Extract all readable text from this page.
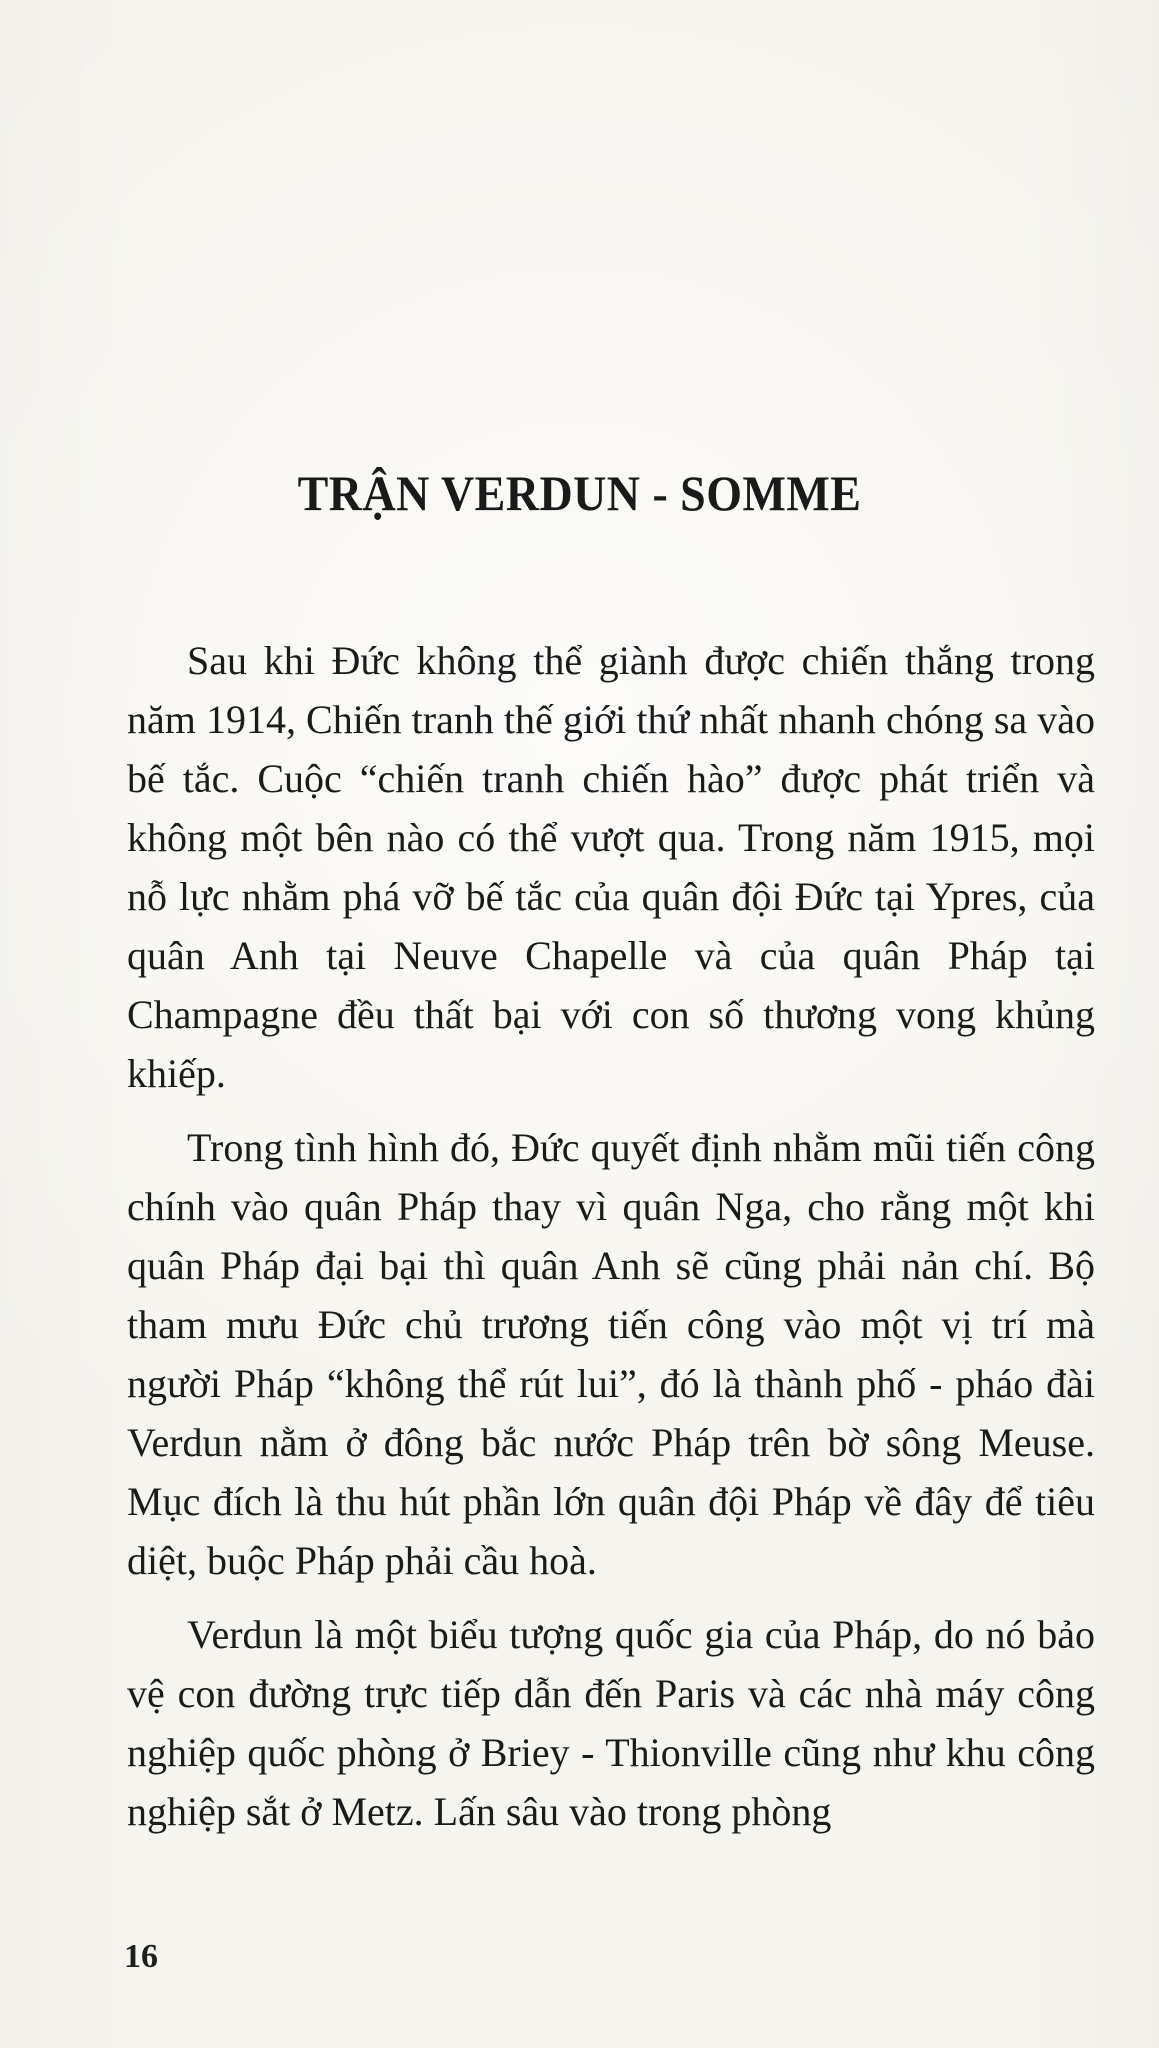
TRẬN VERDUN - SOMME

Sau khi Đức không thể giành được chiến thắng trong năm 1914, Chiến tranh thế giới thứ nhất nhanh chóng sa vào bế tắc. Cuộc “chiến tranh chiến hào” được phát triển và không một bên nào có thể vượt qua. Trong năm 1915, mọi nỗ lực nhằm phá vỡ bế tắc của quân đội Đức tại Ypres, của quân Anh tại Neuve Chapelle và của quân Pháp tại Champagne đều thất bại với con số thương vong khủng khiếp.

Trong tình hình đó, Đức quyết định nhằm mũi tiến công chính vào quân Pháp thay vì quân Nga, cho rằng một khi quân Pháp đại bại thì quân Anh sẽ cũng phải nản chí. Bộ tham mưu Đức chủ trương tiến công vào một vị trí mà người Pháp “không thể rút lui”, đó là thành phố - pháo đài Verdun nằm ở đông bắc nước Pháp trên bờ sông Meuse. Mục đích là thu hút phần lớn quân đội Pháp về đây để tiêu diệt, buộc Pháp phải cầu hoà.

Verdun là một biểu tượng quốc gia của Pháp, do nó bảo vệ con đường trực tiếp dẫn đến Paris và các nhà máy công nghiệp quốc phòng ở Briey - Thionville cũng như khu công nghiệp sắt ở Metz. Lấn sâu vào trong phòng

16
